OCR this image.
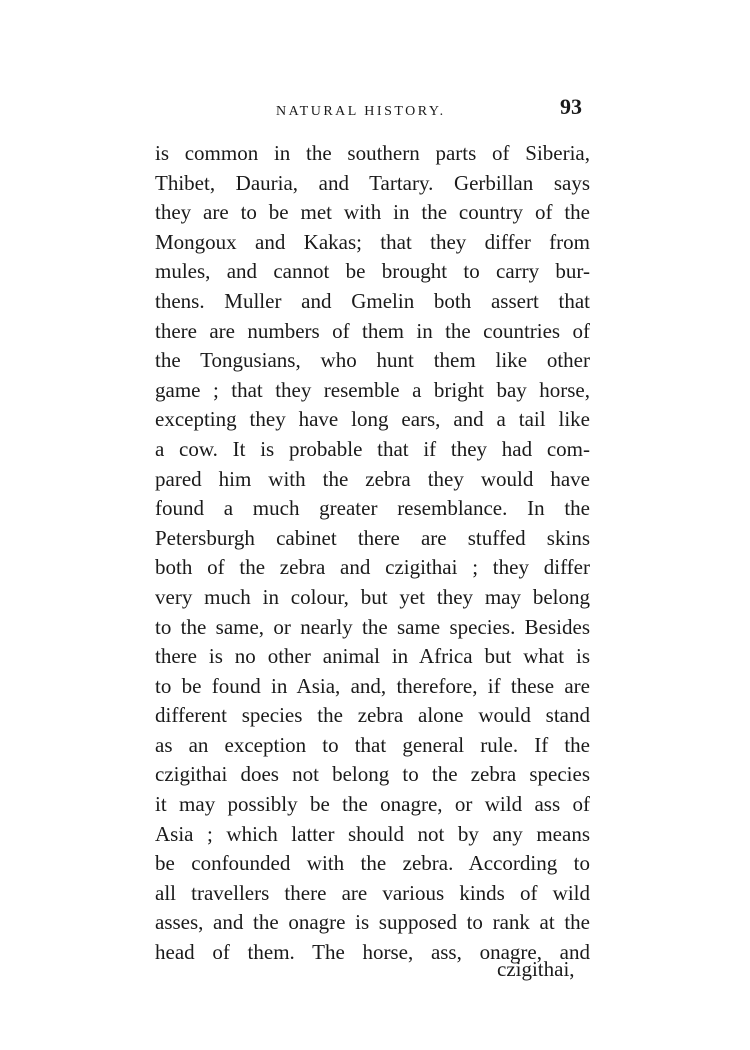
NATURAL HISTORY.	93
is common in the southern parts of Siberia,
Thibet, Dauria, and Tartary. Gerbillan says
they are to be met with in the country of the
Mongoux and Kakas; that they differ from
mules, and cannot be brought to carry bur-
thens. Muller and Gmelin both assert that
there are numbers of them in the countries of
the Tongusians, who hunt them like other
game ; that they resemble a bright bay horse,
excepting they have long ears, and a tail like
a cow. It is probable that if they had com-
pared him with the zebra they would have
found a much greater resemblance. In the
Petersburgh cabinet there are stuffed skins
both of the zebra and czigithai ; they differ
very much in colour, but yet they may belong
to the same, or nearly the same species. Besides
there is no other animal in Africa but what is
to be found in Asia, and, therefore, if these are
different species the zebra alone would stand
as an exception to that general rule. If the
czigithai does not belong to the zebra species
it may possibly be the onagre, or wild ass of
Asia ; which latter should not by any means
be confounded with the zebra. According to
all travellers there are various kinds of wild
asses, and the onagre is supposed to rank at the
head of them. The horse, ass, onagre, and
czigithai,
